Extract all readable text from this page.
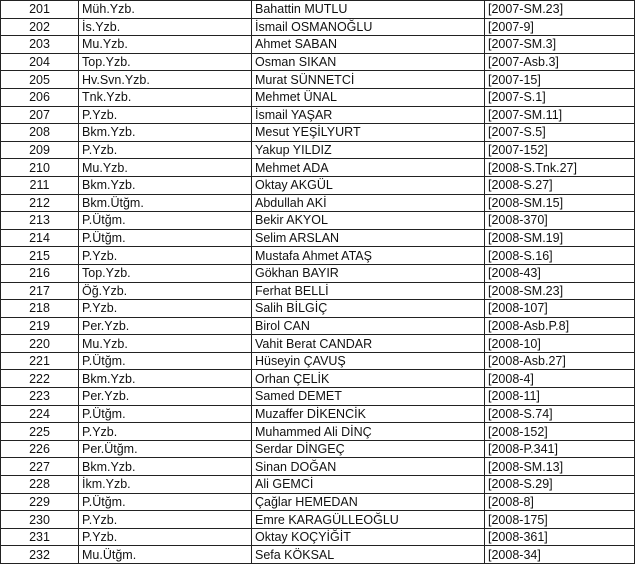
201	Müh.Yzb.	Bahattin MUTLU	[2007-SM.23]
202	İs.Yzb.	İsmail OSMANOĞLU	[2007-9]
203	Mu.Yzb.	Ahmet SABAN	[2007-SM.3]
204	Top.Yzb.	Osman SIKAN	[2007-Asb.3]
205	Hv.Svn.Yzb.	Murat SÜNNETCİ	[2007-15]
206	Tnk.Yzb.	Mehmet ÜNAL	[2007-S.1]
207	P.Yzb.	İsmail YAŞAR	[2007-SM.11]
208	Bkm.Yzb.	Mesut YEŞİLYURT	[2007-S.5]
209	P.Yzb.	Yakup YILDIZ	[2007-152]
210	Mu.Yzb.	Mehmet ADA	[2008-S.Tnk.27]
211	Bkm.Yzb.	Oktay AKGÜL	[2008-S.27]
212	Bkm.Ütğm.	Abdullah AKİ	[2008-SM.15]
213	P.Ütğm.	Bekir AKYOL	[2008-370]
214	P.Ütğm.	Selim ARSLAN	[2008-SM.19]
215	P.Yzb.	Mustafa Ahmet ATAŞ	[2008-S.16]
216	Top.Yzb.	Gökhan BAYIR	[2008-43]
217	Öğ.Yzb.	Ferhat BELLİ	[2008-SM.23]
218	P.Yzb.	Salih BİLGİÇ	[2008-107]
219	Per.Yzb.	Birol CAN	[2008-Asb.P.8]
220	Mu.Yzb.	Vahit Berat CANDAR	[2008-10]
221	P.Ütğm.	Hüseyin ÇAVUŞ	[2008-Asb.27]
222	Bkm.Yzb.	Orhan ÇELİK	[2008-4]
223	Per.Yzb.	Samed DEMET	[2008-11]
224	P.Ütğm.	Muzaffer DİKENCİK	[2008-S.74]
225	P.Yzb.	Muhammed Ali DİNÇ	[2008-152]
226	Per.Ütğm.	Serdar DİNGEÇ	[2008-P.341]
227	Bkm.Yzb.	Sinan DOĞAN	[2008-SM.13]
228	İkm.Yzb.	Ali GEMCİ	[2008-S.29]
229	P.Ütğm.	Çağlar HEMEDAN	[2008-8]
230	P.Yzb.	Emre KARAGÜLLEOĞLU	[2008-175]
231	P.Yzb.	Oktay KOÇYİĞİT	[2008-361]
232	Mu.Ütğm.	Sefa KÖKSAL	[2008-34]
